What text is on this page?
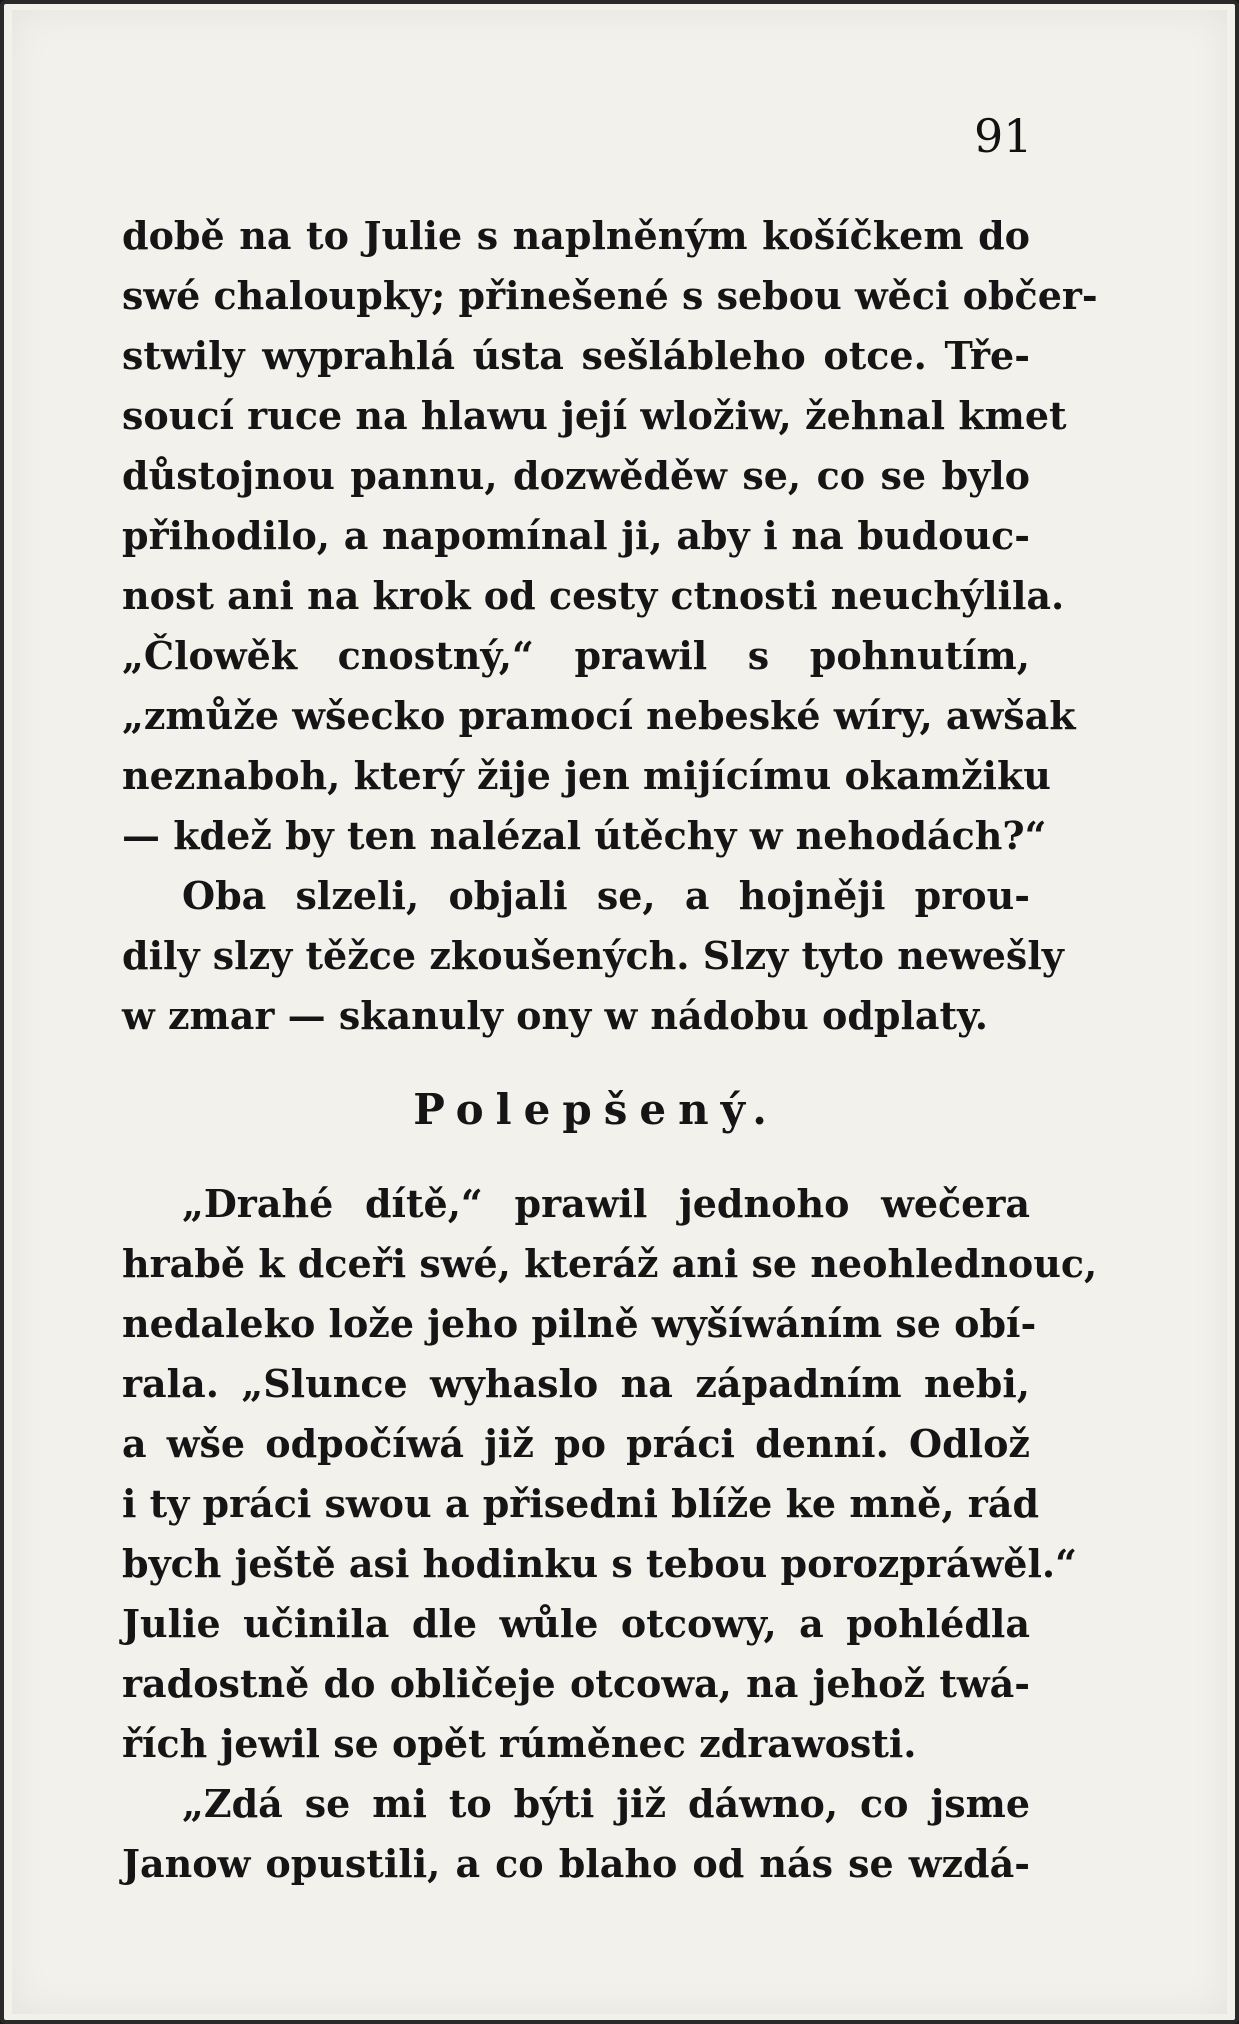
91
době na to Julie s naplněným košíčkem do
swé chaloupky; přinešené s sebou wěci občer-
stwily wyprahlá ústa sešlábleho otce. Tře-
soucí ruce na hlawu její wložiw, žehnal kmet
důstojnou pannu, dozwěděw se, co se bylo
přihodilo, a napomínal ji, aby i na budouc-
nost ani na krok od cesty ctnosti neuchýlila.
„Člowěk cnostný,“ prawil s pohnutím,
„zmůže wšecko pramocí nebeské wíry, awšak
neznaboh, který žije jen mijícímu okamžiku
— kdež by ten nalézal útěchy w nehodách?“
Oba slzeli, objali se, a hojněji prou-
dily slzy těžce zkoušených. Slzy tyto newešly
w zmar — skanuly ony w nádobu odplaty.
Polepšený.
„Drahé dítě,“ prawil jednoho wečera
hrabě k dceři swé, kteráž ani se neohlednouc,
nedaleko lože jeho pilně wyšíwáním se obí-
rala. „Slunce wyhaslo na západním nebi,
a wše odpočíwá již po práci denní. Odlož
i ty práci swou a přisedni blíže ke mně, rád
bych ještě asi hodinku s tebou porozpráwěl.“
Julie učinila dle wůle otcowy, a pohlédla
radostně do obličeje otcowa, na jehož twá-
řích jewil se opět rúměnec zdrawosti.
„Zdá se mi to býti již dáwno, co jsme
Janow opustili, a co blaho od nás se wzdá-
